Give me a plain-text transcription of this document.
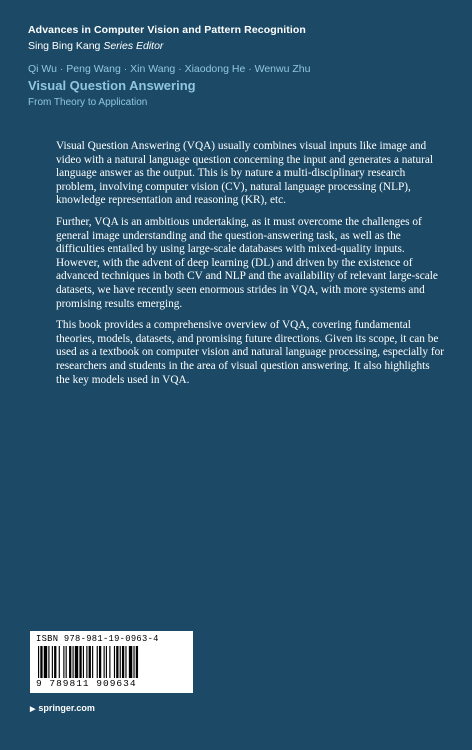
Advances in Computer Vision and Pattern Recognition
Sing Bing Kang Series Editor
Qi Wu · Peng Wang · Xin Wang · Xiaodong He · Wenwu Zhu
Visual Question Answering
From Theory to Application

Visual Question Answering (VQA) usually combines visual inputs like image and video with a natural language question concerning the input and generates a natural language answer as the output. This is by nature a multi-disciplinary research problem, involving computer vision (CV), natural language processing (NLP), knowledge representation and reasoning (KR), etc.

Further, VQA is an ambitious undertaking, as it must overcome the challenges of general image understanding and the question-answering task, as well as the difficulties entailed by using large-scale databases with mixed-quality inputs. However, with the advent of deep learning (DL) and driven by the existence of advanced techniques in both CV and NLP and the availability of relevant large-scale datasets, we have recently seen enormous strides in VQA, with more systems and promising results emerging.

This book provides a comprehensive overview of VQA, covering fundamental theories, models, datasets, and promising future directions. Given its scope, it can be used as a textbook on computer vision and natural language processing, especially for researchers and students in the area of visual question answering. It also highlights the key models used in VQA.

ISBN 978-981-19-0963-4
9 789811 909634
▶ springer.com
